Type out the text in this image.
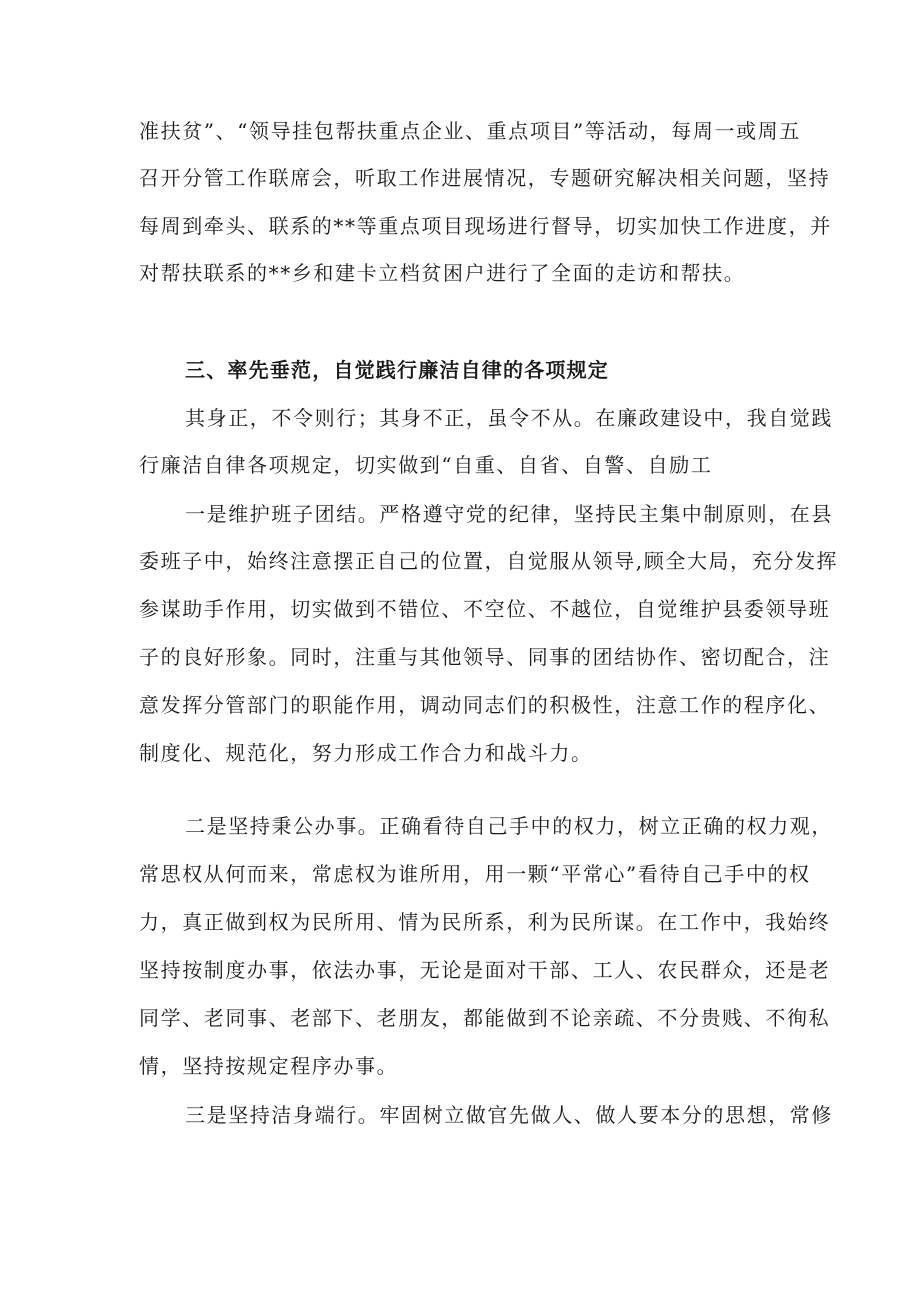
准扶贫”、“领导挂包帮扶重点企业、重点项目”等活动，每周一或周五
召开分管工作联席会，听取工作进展情况，专题研究解决相关问题，坚持
每周到牵头、联系的**等重点项目现场进行督导，切实加快工作进度，并
对帮扶联系的**乡和建卡立档贫困户进行了全面的走访和帮扶。
三、率先垂范，自觉践行廉洁自律的各项规定
其身正，不令则行；其身不正，虽令不从。在廉政建设中，我自觉践
行廉洁自律各项规定，切实做到“自重、自省、自警、自励工
一是维护班子团结。严格遵守党的纪律，坚持民主集中制原则，在县
委班子中，始终注意摆正自己的位置，自觉服从领导,顾全大局，充分发挥
参谋助手作用，切实做到不错位、不空位、不越位，自觉维护县委领导班
子的良好形象。同时，注重与其他领导、同事的团结协作、密切配合，注
意发挥分管部门的职能作用，调动同志们的积极性，注意工作的程序化、
制度化、规范化，努力形成工作合力和战斗力。
二是坚持秉公办事。正确看待自己手中的权力，树立正确的权力观，
常思权从何而来，常虑权为谁所用，用一颗“平常心”看待自己手中的权
力，真正做到权为民所用、情为民所系，利为民所谋。在工作中，我始终
坚持按制度办事，依法办事，无论是面对干部、工人、农民群众，还是老
同学、老同事、老部下、老朋友，都能做到不论亲疏、不分贵贱、不徇私
情，坚持按规定程序办事。
三是坚持洁身端行。牢固树立做官先做人、做人要本分的思想，常修
